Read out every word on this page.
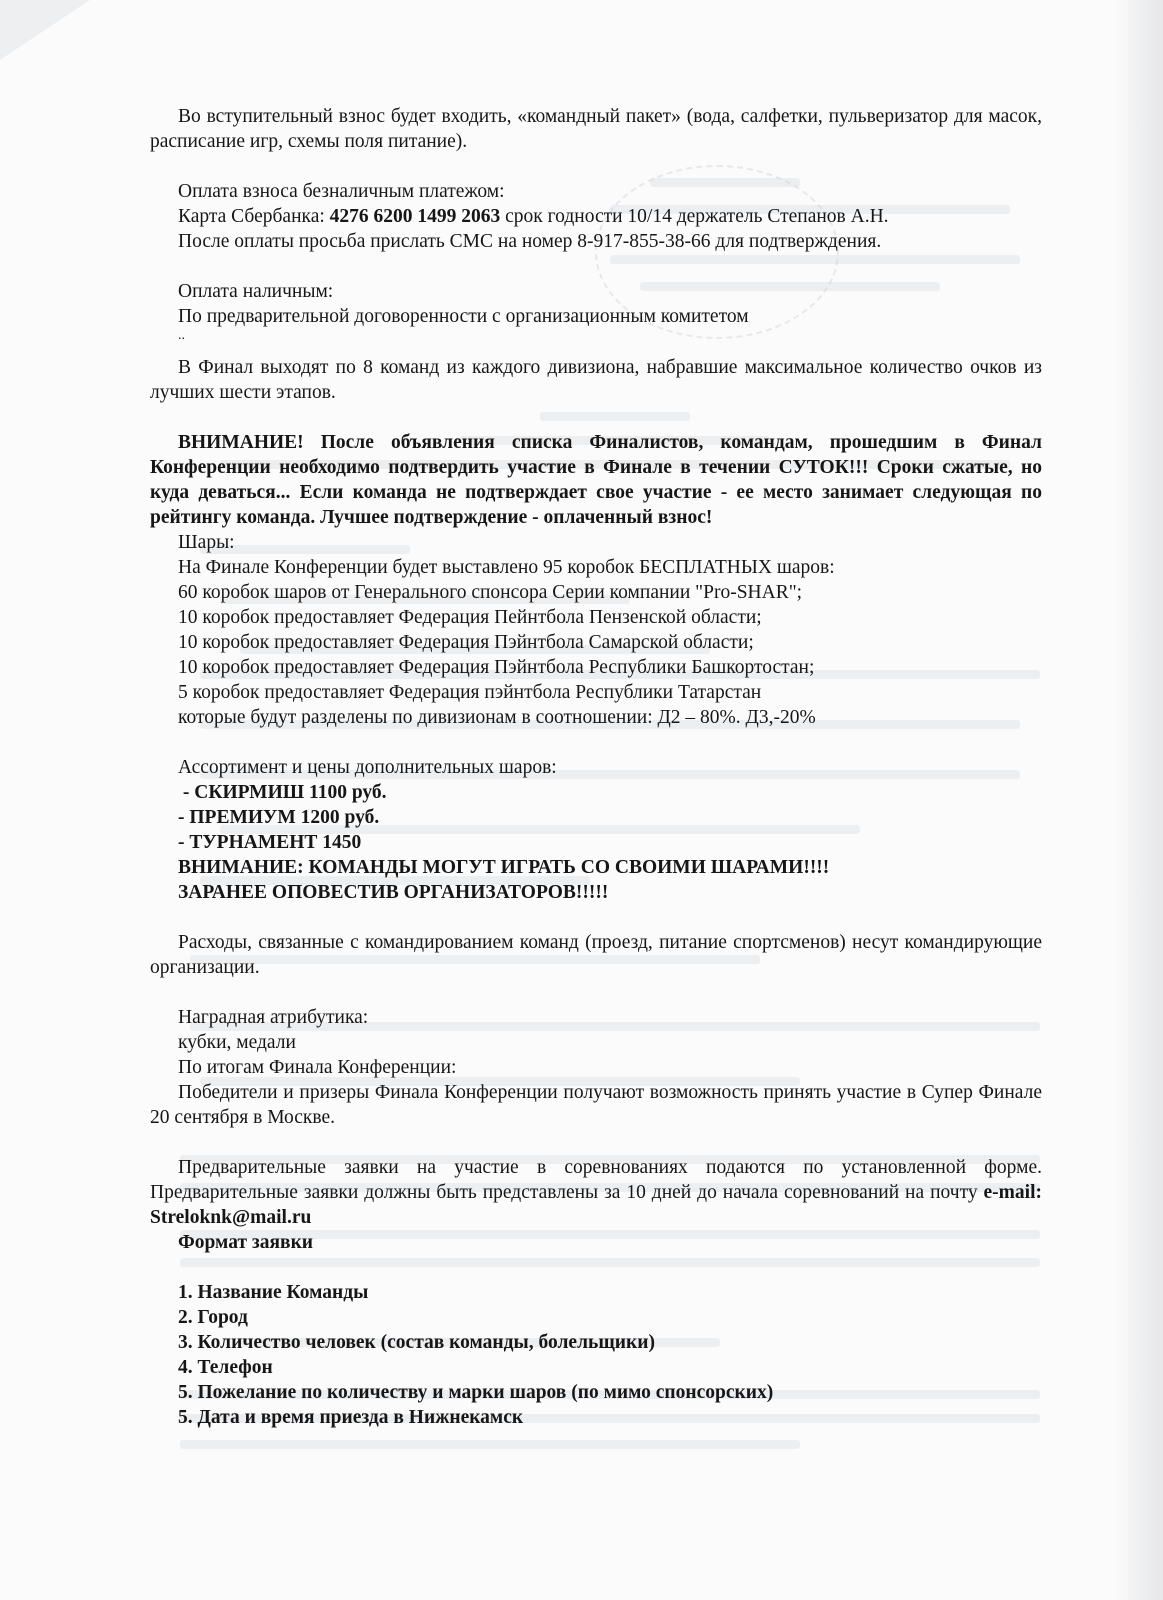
Во вступительный взнос будет входить, «командный пакет» (вода, салфетки, пульверизатор для масок, расписание игр, схемы поля питание).

Оплата взноса безналичным платежом:

Карта Сбербанка: 4276 6200 1499 2063 срок годности 10/14 держатель Степанов А.Н.

После оплаты просьба прислать СМС на номер 8-917-855-38-66 для подтверждения.

Оплата наличным:

По предварительной договоренности с организационным комитетом

..

В Финал выходят по 8 команд из каждого дивизиона, набравшие максимальное количество очков из лучших шести этапов.

ВНИМАНИЕ! После объявления списка Финалистов, командам, прошедшим в Финал Конференции необходимо подтвердить участие в Финале в течении СУТОК!!! Сроки сжатые, но куда деваться... Если команда не подтверждает свое участие - ее место занимает следующая по рейтингу команда. Лучшее подтверждение - оплаченный взнос!

Шары:

На Финале Конференции будет выставлено 95 коробок БЕСПЛАТНЫХ шаров:

60 коробок шаров от Генерального спонсора Серии компании "Pro-SHAR";

10 коробок предоставляет Федерация Пейнтбола Пензенской области;

10 коробок предоставляет Федерация Пэйнтбола Самарской области;

10 коробок предоставляет Федерация Пэйнтбола Республики Башкортостан;

5 коробок предоставляет Федерация пэйнтбола Республики Татарстан

которые будут разделены по дивизионам в соотношении: Д2 – 80%. Д3,-20%

Ассортимент и цены дополнительных шаров:

- СКИРМИШ 1100 руб.

- ПРЕМИУМ 1200 руб.

- ТУРНАМЕНТ 1450

ВНИМАНИЕ: КОМАНДЫ МОГУТ ИГРАТЬ СО СВОИМИ ШАРАМИ!!!!

ЗАРАНЕЕ ОПОВЕСТИВ ОРГАНИЗАТОРОВ!!!!!

Расходы, связанные с командированием команд (проезд, питание спортсменов) несут командирующие организации.

Наградная атрибутика:

кубки, медали

По итогам Финала Конференции:

Победители и призеры Финала Конференции получают возможность принять участие в Супер Финале 20 сентября в Москве.

Предварительные заявки на участие в соревнованиях подаются по установленной форме. Предварительные заявки должны быть представлены за 10 дней до начала соревнований на почту e-mail: Streloknk@mail.ru

Формат заявки

1. Название Команды

2. Город

3. Количество человек (состав команды, болельщики)

4. Телефон

5. Пожелание по количеству и марки шаров (по мимо спонсорских)

5. Дата и время приезда в Нижнекамск
